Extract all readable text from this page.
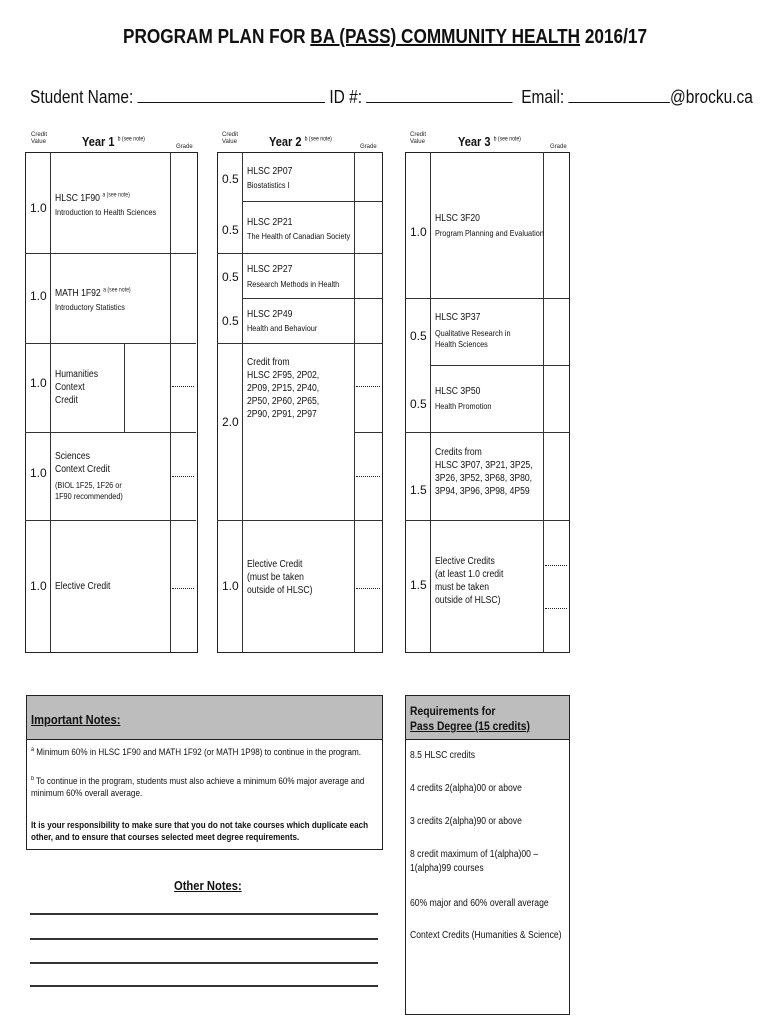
PROGRAM PLAN FOR BA (PASS) COMMUNITY HEALTH 2016/17
Student Name:	ID #:	Email:	@brocku.ca
Credit
Value	Year 1 $^{b (see note)}$
Grade
1.0
HLSC 1F90 $^{a (see note)}$
Introduction to Health Sciences
1.0 MATH 1F92 $^{a (see note)}$
Introductory Statistics
1.0
Humanities
Context
Credit
1.0
Sciences
Context Credit
(BIOL 1F25, 1F26 or
1F90 recommended)
1.0 Elective Credit
Credit
Value Year 2 $^{b (see note)}$
Grade
0.5
HLSC 2P07
Biostatistics I
0.5
HLSC 2P21
The Health of Canadian Society
0.5
HLSC 2P27
Research Methods in Health
0.5 HLSC 2P49
Health and Behaviour
2.0
Credit from
HLSC 2F95, 2P02,
2P09, 2P15, 2P40,
2P50, 2P60, 2P65,
2P90, 2P91, 2P97
1.0
Elective Credit
(must be taken
outside of HLSC)
Credit
Value	Year 3 $^{b (see note)}$
Grade
1.0
HLSC 3F20
Program Planning and Evaluation
0.5
HLSC 3P37
Qualitative Research in
Health Sciences
0.5
HLSC 3P50
Health Promotion
1.5
Credits from
HLSC 3P07, 3P21, 3P25,
3P26, 3P52, 3P68, 3P80,
3P94, 3P96, 3P98, 4P59
1.5
Elective Credits
(at least 1.0 credit
must be taken
outside of HLSC)
Important Notes:
$^a$ Minimum 60% in HLSC 1F90 and MATH 1F92 (or MATH 1P98) to continue in the program.
$^b$ To continue in the program, students must also achieve a minimum 60% major average and
minimum 60% overall average.
It is your responsibility to make sure that you do not take courses which duplicate each
other, and to ensure that courses selected meet degree requirements.
Other Notes:
Requirements for
Pass Degree (15 credits)
8.5 HLSC credits
4 credits 2(alpha)00 or above
3 credits 2(alpha)90 or above
8 credit maximum of 1(alpha)00 –
1(alpha)99 courses
60% major and 60% overall average
Context Credits (Humanities & Science)
